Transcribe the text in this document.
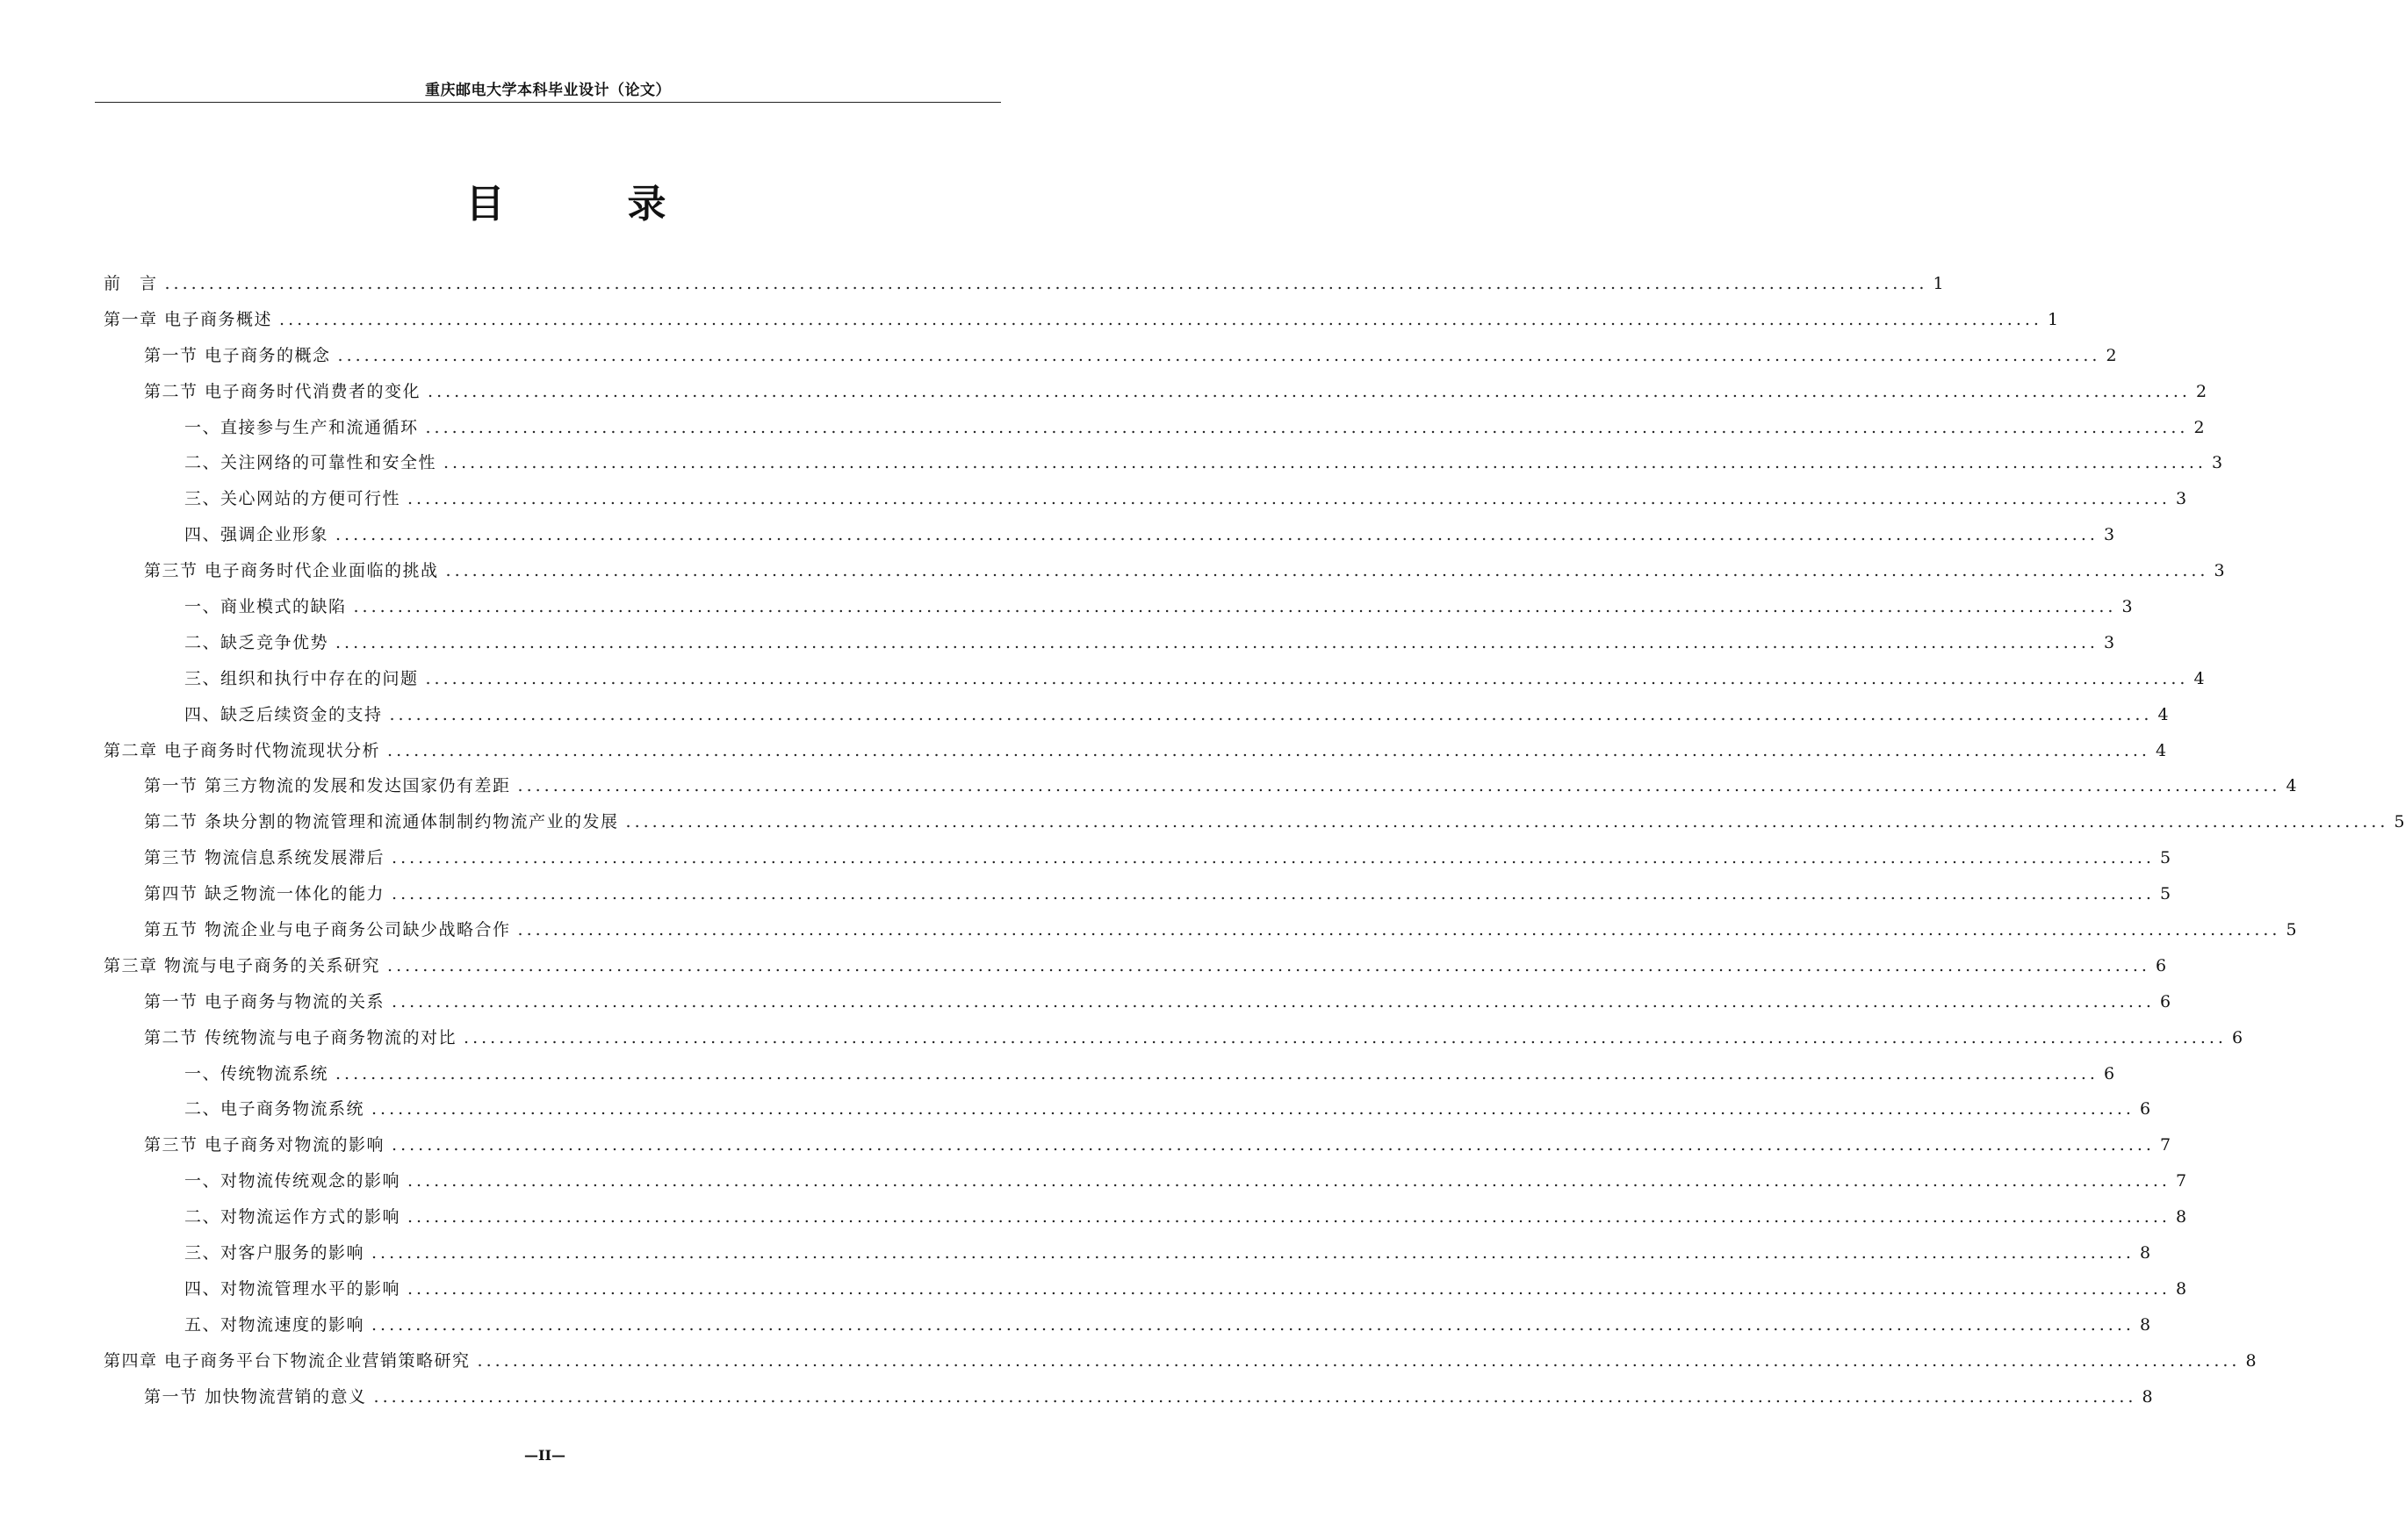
重庆邮电大学本科毕业设计（论文）
目　录
前　言 ........................................................................................................................................................................................................ 1
第一章 电子商务概述 ........................................................................................................................................................................................................ 1
第一节 电子商务的概念 ........................................................................................................................................................................................................ 2
第二节 电子商务时代消费者的变化 ........................................................................................................................................................................................................ 2
一、直接参与生产和流通循环 ........................................................................................................................................................................................................ 2
二、关注网络的可靠性和安全性 ........................................................................................................................................................................................................ 3
三、关心网站的方便可行性 ........................................................................................................................................................................................................ 3
四、强调企业形象 ........................................................................................................................................................................................................ 3
第三节 电子商务时代企业面临的挑战 ........................................................................................................................................................................................................ 3
一、商业模式的缺陷 ........................................................................................................................................................................................................ 3
二、缺乏竞争优势 ........................................................................................................................................................................................................ 3
三、组织和执行中存在的问题 ........................................................................................................................................................................................................ 4
四、缺乏后续资金的支持 ........................................................................................................................................................................................................ 4
第二章 电子商务时代物流现状分析 ........................................................................................................................................................................................................ 4
第一节 第三方物流的发展和发达国家仍有差距 ........................................................................................................................................................................................................ 4
第二节 条块分割的物流管理和流通体制制约物流产业的发展 ........................................................................................................................................................................................................ 5
第三节 物流信息系统发展滞后 ........................................................................................................................................................................................................ 5
第四节 缺乏物流一体化的能力 ........................................................................................................................................................................................................ 5
第五节 物流企业与电子商务公司缺少战略合作 ........................................................................................................................................................................................................ 5
第三章 物流与电子商务的关系研究 ........................................................................................................................................................................................................ 6
第一节 电子商务与物流的关系 ........................................................................................................................................................................................................ 6
第二节 传统物流与电子商务物流的对比 ........................................................................................................................................................................................................ 6
一、传统物流系统 ........................................................................................................................................................................................................ 6
二、电子商务物流系统 ........................................................................................................................................................................................................ 6
第三节 电子商务对物流的影响 ........................................................................................................................................................................................................ 7
一、对物流传统观念的影响 ........................................................................................................................................................................................................ 7
二、对物流运作方式的影响 ........................................................................................................................................................................................................ 8
三、对客户服务的影响 ........................................................................................................................................................................................................ 8
四、对物流管理水平的影响 ........................................................................................................................................................................................................ 8
五、对物流速度的影响 ........................................................................................................................................................................................................ 8
第四章 电子商务平台下物流企业营销策略研究 ........................................................................................................................................................................................................ 8
第一节 加快物流营销的意义 ........................................................................................................................................................................................................ 8
—II—
